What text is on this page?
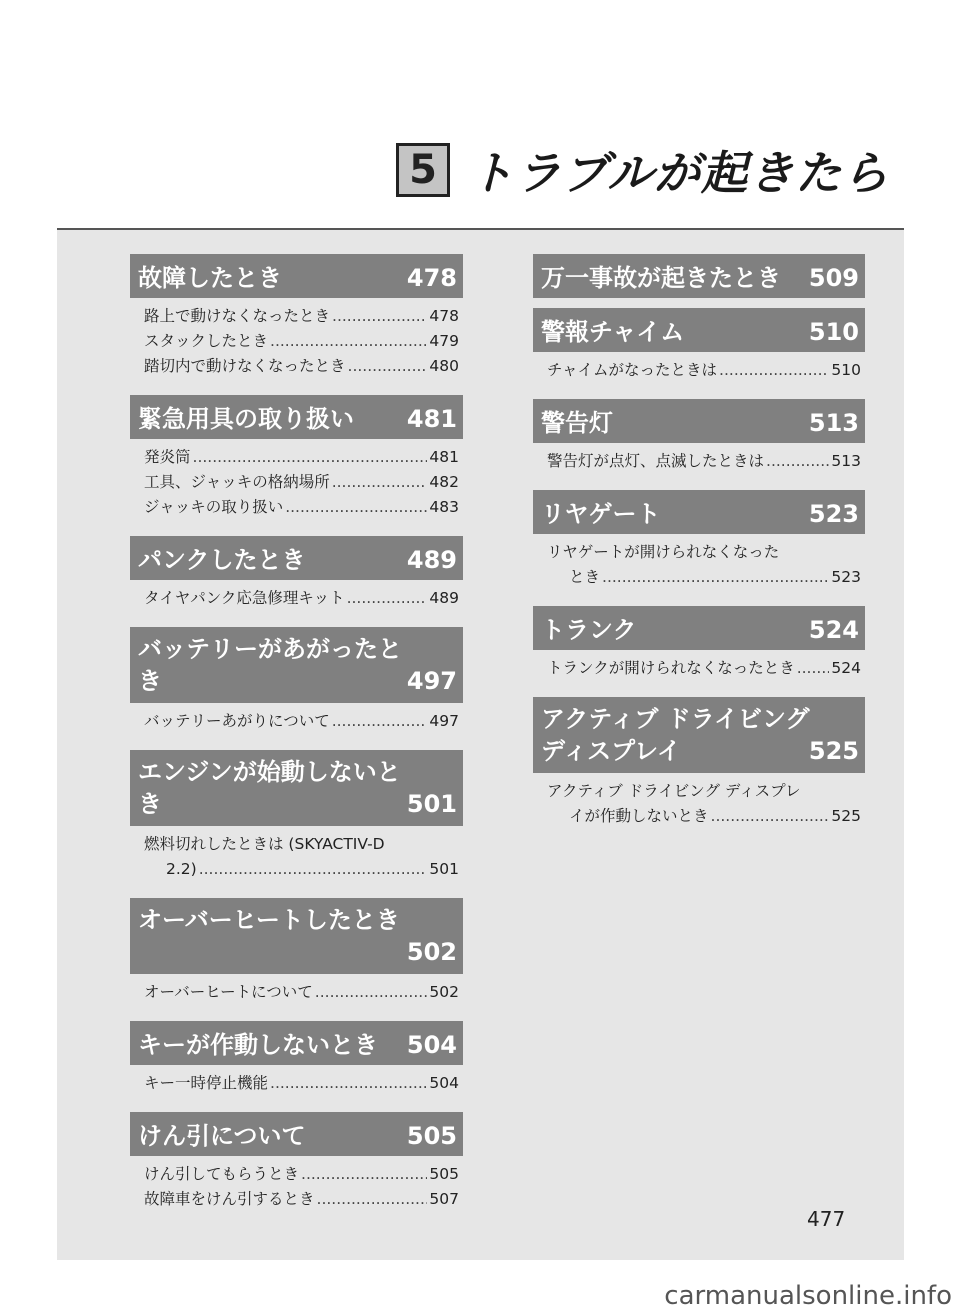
5 トラブルが起きたら
故障したとき	478
路上で動けなくなったとき .....	478
スタックしたとき .....	479
踏切内で動けなくなったとき .....	480
緊急用具の取り扱い 481
発炎筒 .....	481
工具、ジャッキの格納場所 .....	482
ジャッキの取り扱い .....	483
パンクしたとき	489
タイヤパンク応急修理キット .....	489
バッテリーがあがったとき	497
バッテリーあがりについて .....	497
エンジンが始動しないとき	501
燃料切れしたときは (SKYACTIV-D
2.2) .....	501
オーバーヒートしたとき
502
オーバーヒートについて .....	502
キーが作動しないとき 504
キー一時停止機能 .....	504
けん引について	505
けん引してもらうとき .....	505
故障車をけん引するとき .....	507
万一事故が起きたとき 509
警報チャイム	510
チャイムがなったときは .....	510
警告灯	513
警告灯が点灯、点滅したときは .....	513
リヤゲート	523
リヤゲートが開けられなくなった
とき .....	523
トランク	524
トランクが開けられなくなったとき ..... 524
アクティブ ドライビングディスプレイ	525
アクティブ ドライビング ディスプレ
イが作動しないとき .....	525
477
carmanualsonline.info
